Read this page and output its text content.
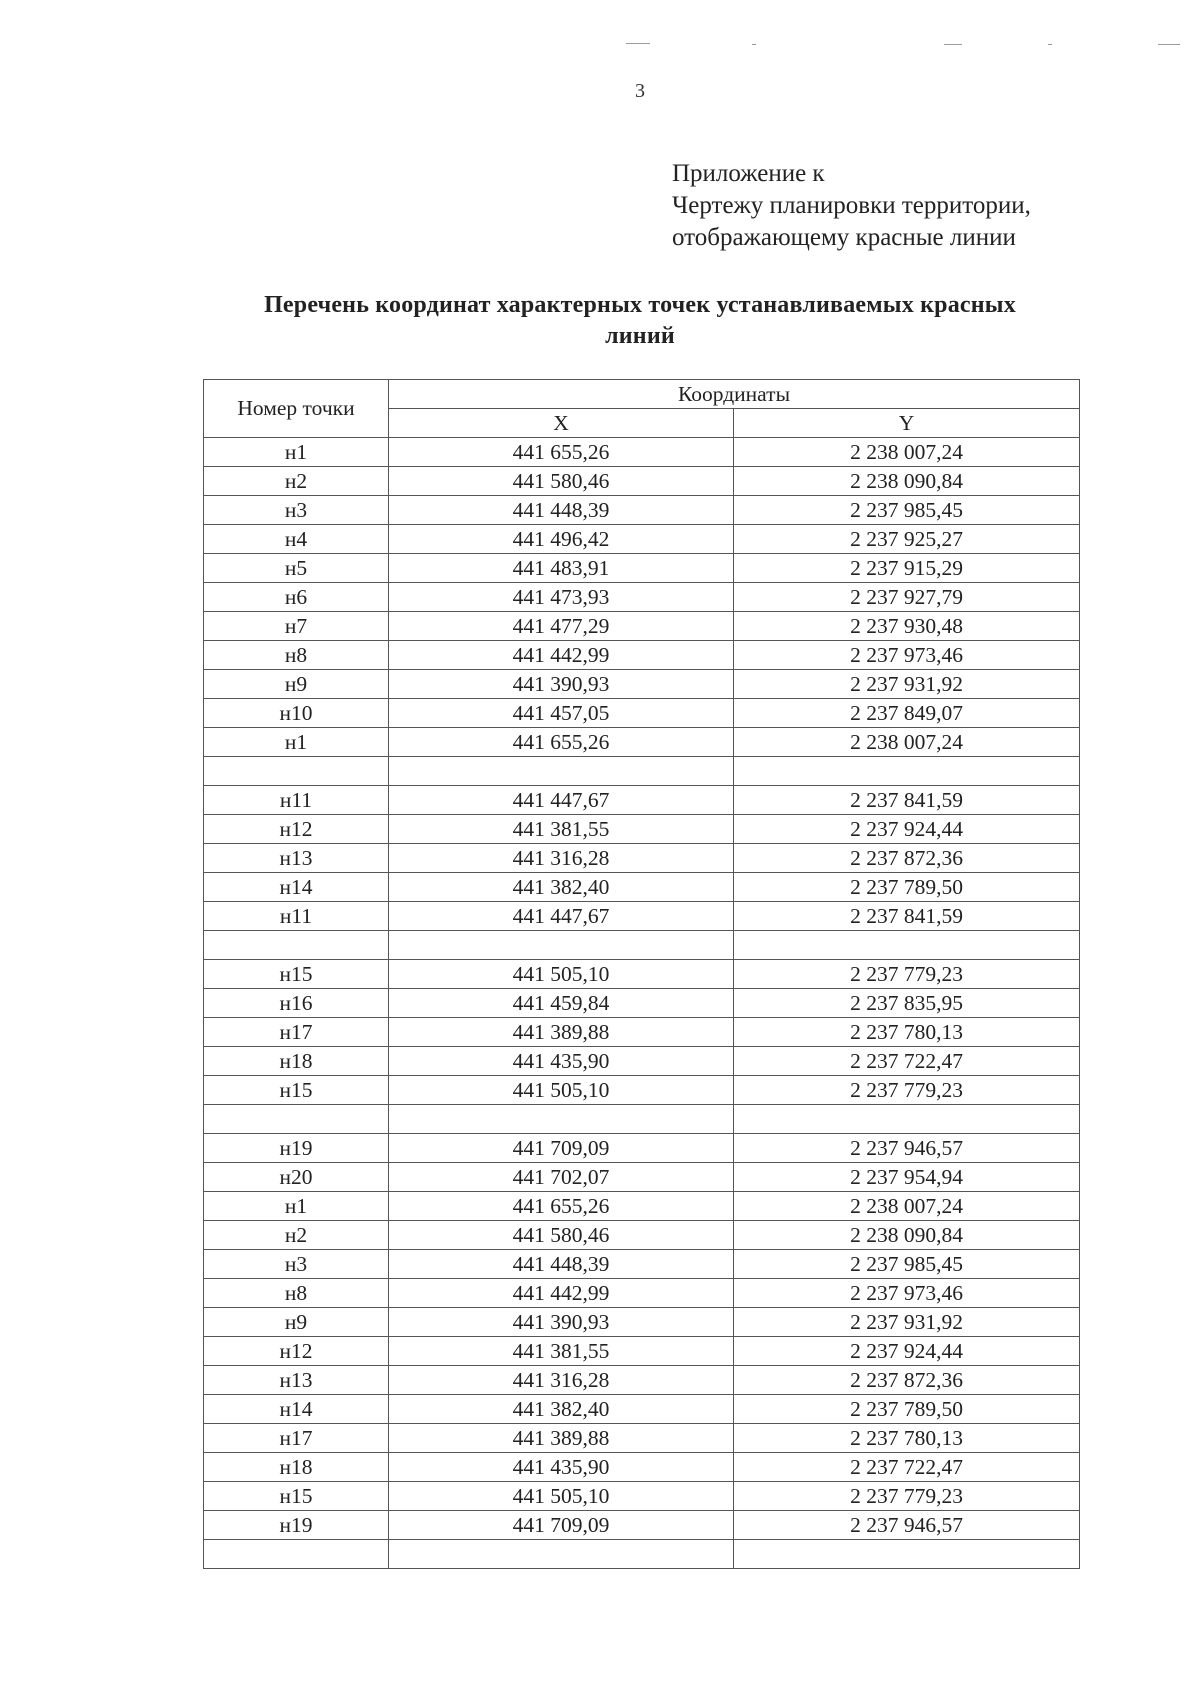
3
Приложение к
Чертежу планировки территории,
отображающему красные линии
Перечень координат характерных точек устанавливаемых красных
линий
Номер точки	Координаты	
	X	Y
н1	441 655,26	2 238 007,24
н2	441 580,46	2 238 090,84
н3	441 448,39	2 237 985,45
н4	441 496,42	2 237 925,27
н5	441 483,91	2 237 915,29
н6	441 473,93	2 237 927,79
н7	441 477,29	2 237 930,48
н8	441 442,99	2 237 973,46
н9	441 390,93	2 237 931,92
н10	441 457,05	2 237 849,07
н1	441 655,26	2 238 007,24

н11	441 447,67	2 237 841,59
н12	441 381,55	2 237 924,44
н13	441 316,28	2 237 872,36
н14	441 382,40	2 237 789,50
н11	441 447,67	2 237 841,59

н15	441 505,10	2 237 779,23
н16	441 459,84	2 237 835,95
н17	441 389,88	2 237 780,13
н18	441 435,90	2 237 722,47
н15	441 505,10	2 237 779,23

н19	441 709,09	2 237 946,57
н20	441 702,07	2 237 954,94
н1	441 655,26	2 238 007,24
н2	441 580,46	2 238 090,84
н3	441 448,39	2 237 985,45
н8	441 442,99	2 237 973,46
н9	441 390,93	2 237 931,92
н12	441 381,55	2 237 924,44
н13	441 316,28	2 237 872,36
н14	441 382,40	2 237 789,50
н17	441 389,88	2 237 780,13
н18	441 435,90	2 237 722,47
н15	441 505,10	2 237 779,23
н19	441 709,09	2 237 946,57
